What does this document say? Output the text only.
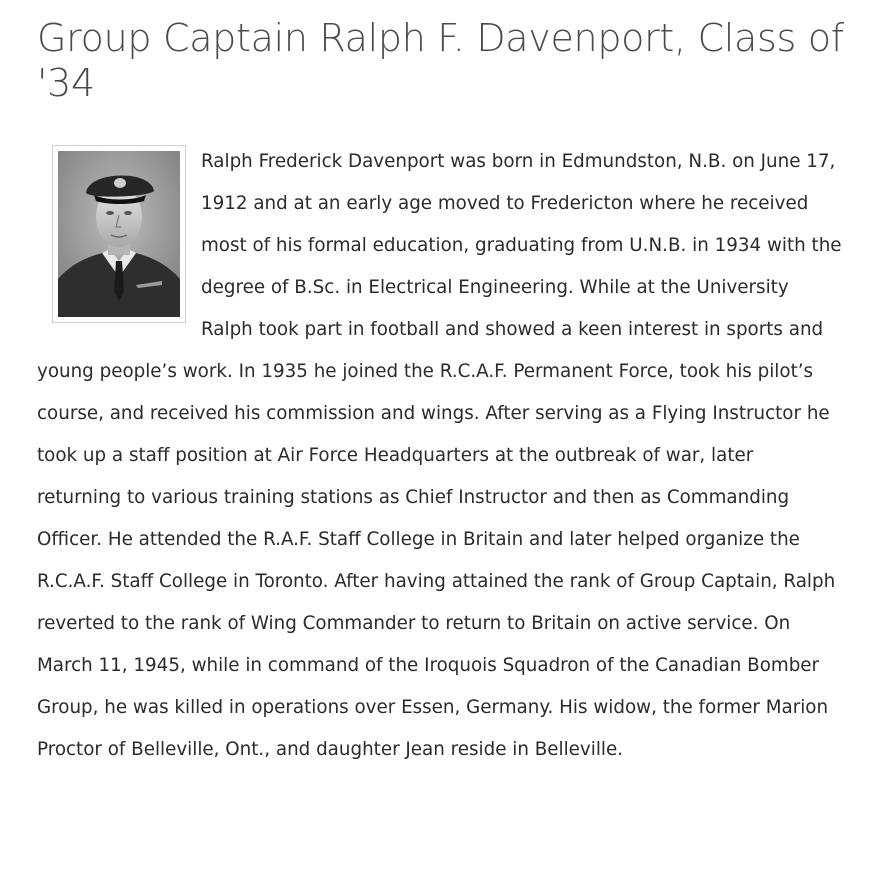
Group Captain Ralph F. Davenport, Class of '34

Ralph Frederick Davenport was born in Edmundston, N.B. on June 17, 1912 and at an early age moved to Fredericton where he received most of his formal education, graduating from U.N.B. in 1934 with the degree of B.Sc. in Electrical Engineering. While at the University Ralph took part in football and showed a keen interest in sports and young people’s work. In 1935 he joined the R.C.A.F. Permanent Force, took his pilot’s course, and received his commission and wings. After serving as a Flying Instructor he took up a staff position at Air Force Headquarters at the outbreak of war, later returning to various training stations as Chief Instructor and then as Commanding Officer. He attended the R.A.F. Staff College in Britain and later helped organize the R.C.A.F. Staff College in Toronto. After having attained the rank of Group Captain, Ralph reverted to the rank of Wing Commander to return to Britain on active service. On March 11, 1945, while in command of the Iroquois Squadron of the Canadian Bomber Group, he was killed in operations over Essen, Germany. His widow, the former Marion Proctor of Belleville, Ont., and daughter Jean reside in Belleville.
